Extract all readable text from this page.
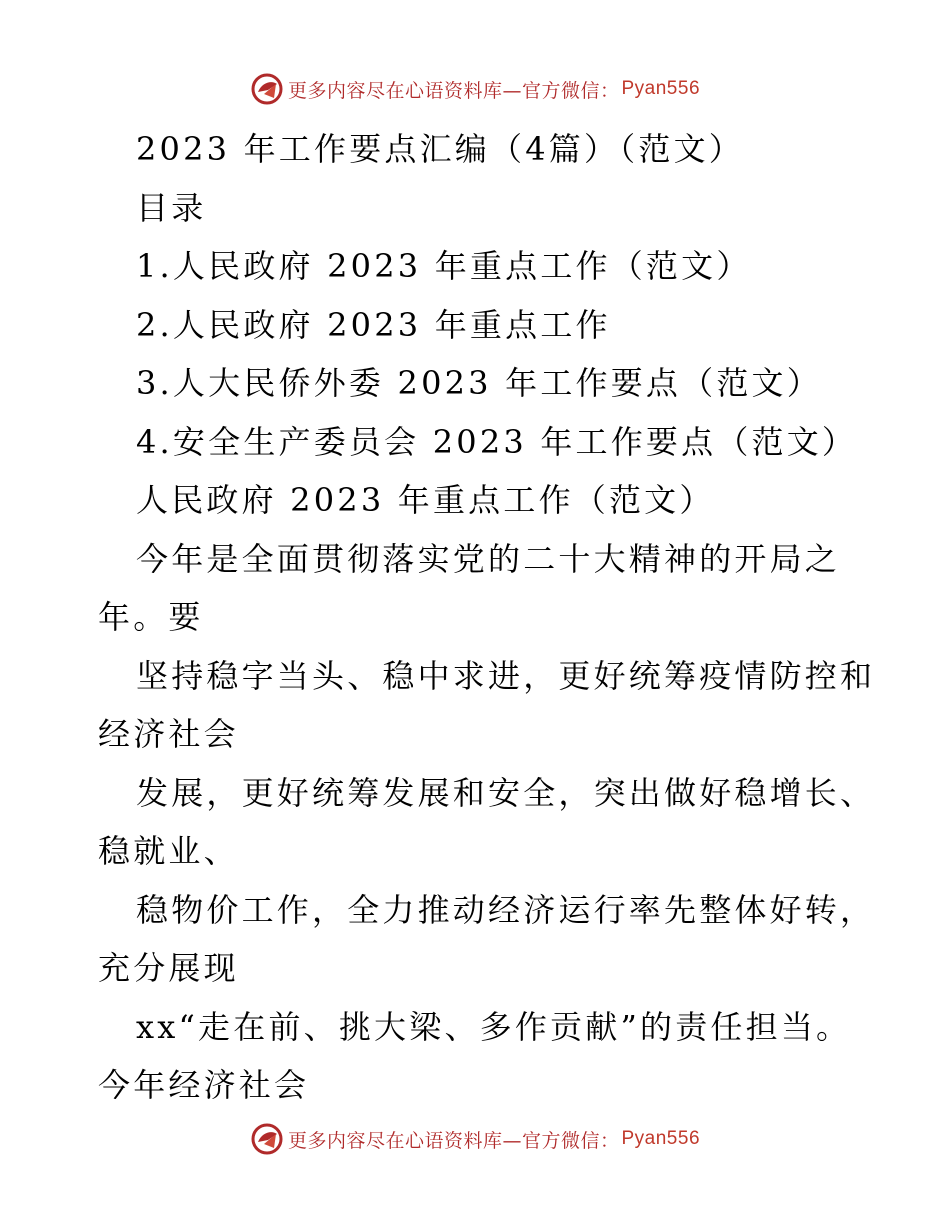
更多内容尽在心语资料库—官方微信： Pyan556
2023 年工作要点汇编（4篇）（范文）
目录
1.人民政府 2023 年重点工作（范文）
2.人民政府 2023 年重点工作
3.人大民侨外委 2023 年工作要点（范文）
4.安全生产委员会 2023 年工作要点（范文）
人民政府 2023 年重点工作（范文）
今年是全面贯彻落实党的二十大精神的开局之
年。要
坚持稳字当头、稳中求进，更好统筹疫情防控和
经济社会
发展，更好统筹发展和安全，突出做好稳增长、
稳就业、
稳物价工作，全力推动经济运行率先整体好转，
充分展现
xx“走在前、挑大梁、多作贡献”的责任担当。
今年经济社会
更多内容尽在心语资料库—官方微信： Pyan556
